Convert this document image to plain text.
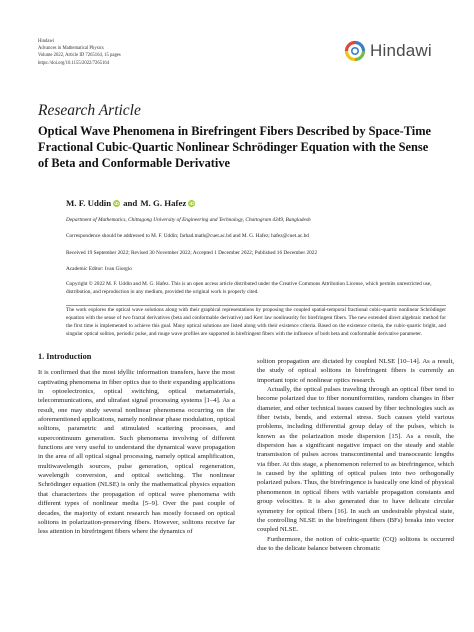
Hindawi
Advances in Mathematical Physics
Volume 2022, Article ID 7265164, 15 pages
https://doi.org/10.1155/2022/7265164
Hindawi
Research Article
Optical Wave Phenomena in Birefringent Fibers Described by Space-Time Fractional Cubic-Quartic Nonlinear Schrödinger Equation with the Sense of Beta and Conformable Derivative
M. F. Uddin iD and M. G. Hafez iD
Department of Mathematics, Chittagong University of Engineering and Technology, Chattogram 4349, Bangladesh
Correspondence should be addressed to M. F. Uddin; farhad.math@cuet.ac.bd and M. G. Hafez; hafez@cuet.ac.bd
Received 19 September 2022; Revised 30 November 2022; Accepted 1 December 2022; Published 16 December 2022
Academic Editor: Ivan Giorgio
Copyright © 2022 M. F. Uddin and M. G. Hafez. This is an open access article distributed under the Creative Commons Attribution License, which permits unrestricted use, distribution, and reproduction in any medium, provided the original work is properly cited.
The work explores the optical wave solutions along with their graphical representations by proposing the coupled spatial-temporal fractional cubic-quartic nonlinear Schrödinger equation with the sense of two fractal derivatives (beta and conformable derivative) and Kerr law nonlinearity for birefringent fibers. The new extended direct algebraic method for the first time is implemented to achieve this goal. Many optical solutions are listed along with their existence criteria. Based on the existence criteria, the cubic-quartic bright, and singular optical soliton, periodic pulse, and rouge wave profiles are supported in birefringent fibers with the influence of both beta and conformable derivative parameter.
1. Introduction

It is confirmed that the most idyllic information transfers, have the most captivating phenomena in fiber optics due to their expanding applications in optoelectronics, optical switching, optical metamaterials, telecommunications, and ultrafast signal processing systems [1–4]. As a result, one may study several nonlinear phenomena occurring on the aforementioned applications, namely nonlinear phase modulation, optical solitons, parametric and stimulated scattering processes, and supercontinuum generation. Such phenomena involving of different functions are very useful to understand the dynamical wave propagation in the area of all optical signal processing, namely optical amplification, multiwavelength sources, pulse generation, optical regeneration, wavelength conversion, and optical switching. The nonlinear Schrödinger equation (NLSE) is only the mathematical physics equation that characterizes the propagation of optical wave phenomena with different types of nonlinear media [5–9]. Over the past couple of decades, the majority of extant research has mostly focused on optical solitons in polarization-preserving fibers. However, solitons receive far less attention in birefringent fibers where the dynamics of

soliton propagation are dictated by coupled NLSE [10–14]. As a result, the study of optical solitons in birefringent fibers is currently an important topic of nonlinear optics research.

Actually, the optical pulses traveling through an optical fiber tend to become polarized due to fiber nonuniformities, random changes in fiber diameter, and other technical issues caused by fiber technologies such as fiber twists, bends, and external stress. Such causes yield various problems, including differential group delay of the pulses, which is known as the polarization mode dispersion [15]. As a result, the dispersion has a significant negative impact on the steady and stable transmission of pulses across transcontinental and transoceanic lengths via fiber. At this stage, a phenomenon referred to as birefringence, which is caused by the splitting of optical pulses into two orthogonally polarized pulses. Thus, the birefringence is basically one kind of physical phenomenon in optical fibers with variable propagation constants and group velocities. It is also generated due to have delicate circular symmetry for optical fibers [16]. In such an undesirable physical state, the controlling NLSE in the birefringent fibers (BFs) breaks into vector coupled NLSE.

Furthermore, the notion of cubic-quartic (CQ) solitons is occurred due to the delicate balance between chromatic
